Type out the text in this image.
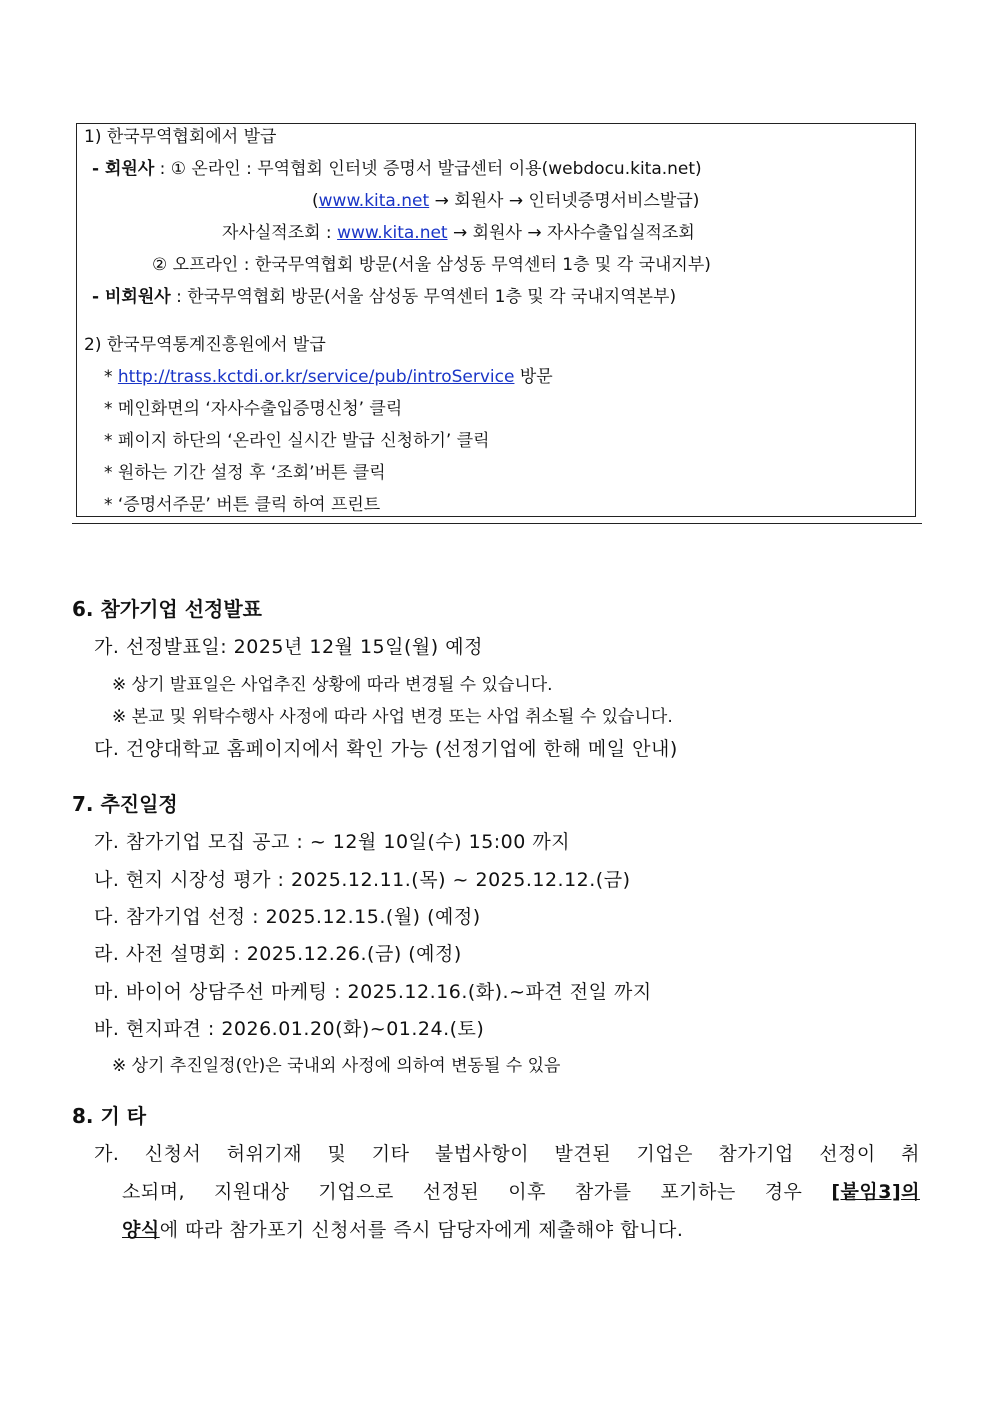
1) 한국무역협회에서 발급
- 회원사 : ① 온라인 : 무역협회 인터넷 증명서 발급센터 이용(webdocu.kita.net)
(www.kita.net → 회원사 → 인터넷증명서비스발급)
자사실적조회 : www.kita.net → 회원사 → 자사수출입실적조회
② 오프라인 : 한국무역협회 방문(서울 삼성동 무역센터 1층 및 각 국내지부)
- 비회원사 : 한국무역협회 방문(서울 삼성동 무역센터 1층 및 각 국내지역본부)
2) 한국무역통계진흥원에서 발급
* http://trass.kctdi.or.kr/service/pub/introService 방문
* 메인화면의 ‘자사수출입증명신청’ 클릭
* 페이지 하단의 ‘온라인 실시간 발급 신청하기’ 클릭
* 원하는 기간 설정 후 ‘조회’버튼 클릭
* ‘증명서주문’ 버튼 클릭 하여 프린트
6. 참가기업 선정발표
가. 선정발표일: 2025년 12월 15일(월) 예정
※ 상기 발표일은 사업추진 상황에 따라 변경될 수 있습니다.
※ 본교 및 위탁수행사 사정에 따라 사업 변경 또는 사업 취소될 수 있습니다.
다. 건양대학교 홈페이지에서 확인 가능 (선정기업에 한해 메일 안내)
7. 추진일정
가. 참가기업 모집 공고 : ~ 12월 10일(수) 15:00 까지
나. 현지 시장성 평가 : 2025.12.11.(목) ~ 2025.12.12.(금)
다. 참가기업 선정 : 2025.12.15.(월) (예정)
라. 사전 설명회 : 2025.12.26.(금) (예정)
마. 바이어 상담주선 마케팅 : 2025.12.16.(화).~파견 전일 까지
바. 현지파견 : 2026.01.20(화)~01.24.(토)
※ 상기 추진일정(안)은 국내외 사정에 의하여 변동될 수 있음
8. 기 타
가. 신청서 허위기재 및 기타 불법사항이 발견된 기업은 참가기업 선정이 취
소되며, 지원대상 기업으로 선정된 이후 참가를 포기하는 경우 [붙임3]의
양식에 따라 참가포기 신청서를 즉시 담당자에게 제출해야 합니다.
